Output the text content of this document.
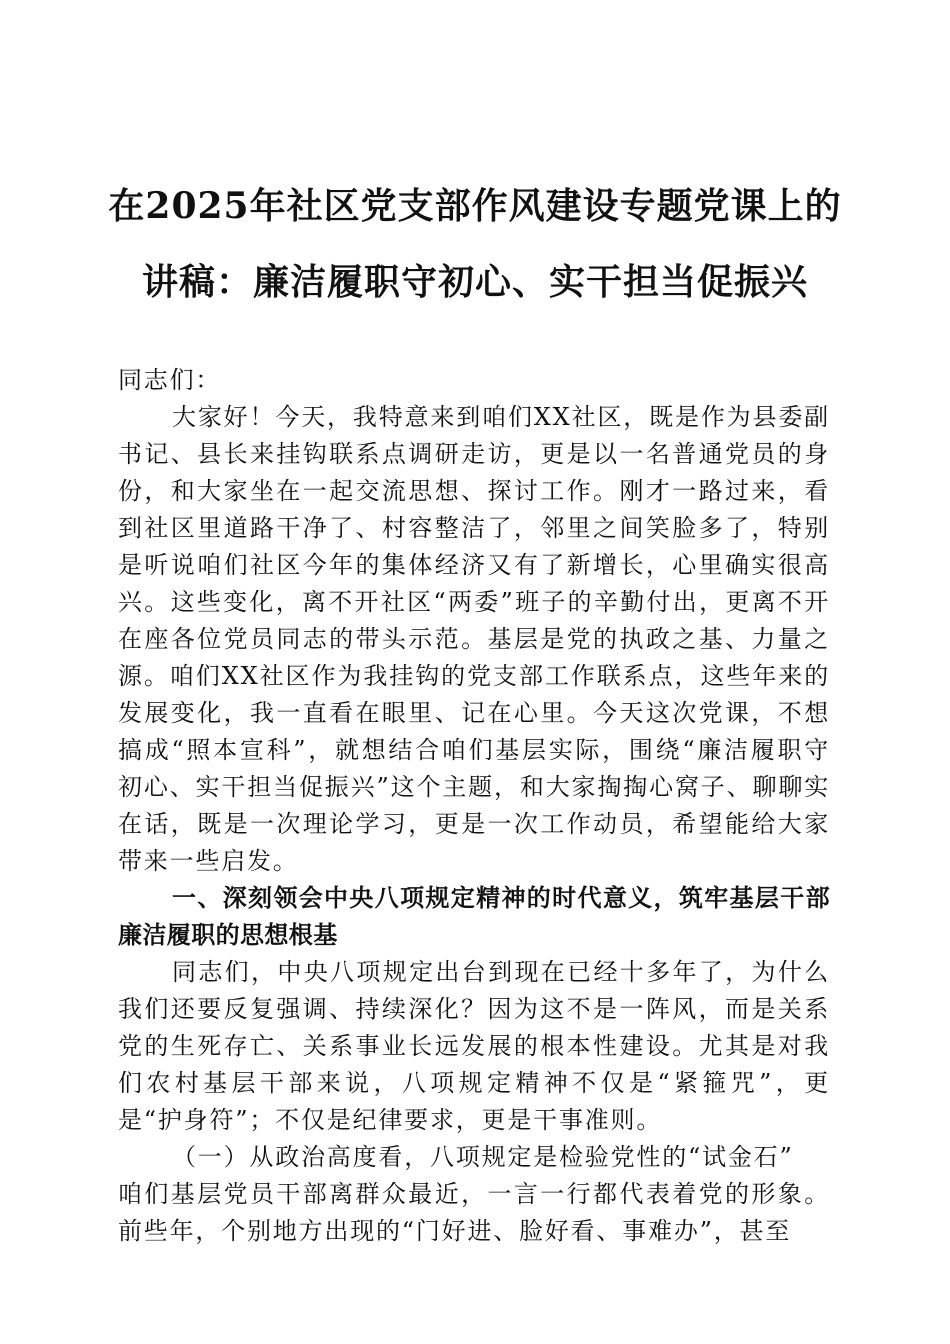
在2025年社区党支部作风建设专题党课上的
讲稿：廉洁履职守初心、实干担当促振兴

同志们：

大家好！今天，我特意来到咱们XX社区，既是作为县委副书记、县长来挂钩联系点调研走访，更是以一名普通党员的身份，和大家坐在一起交流思想、探讨工作。刚才一路过来，看到社区里道路干净了、村容整洁了，邻里之间笑脸多了，特别是听说咱们社区今年的集体经济又有了新增长，心里确实很高兴。这些变化，离不开社区“两委”班子的辛勤付出，更离不开在座各位党员同志的带头示范。基层是党的执政之基、力量之源。咱们XX社区作为我挂钩的党支部工作联系点，这些年来的发展变化，我一直看在眼里、记在心里。今天这次党课，不想搞成“照本宣科”，就想结合咱们基层实际，围绕“廉洁履职守初心、实干担当促振兴”这个主题，和大家掏掏心窝子、聊聊实在话，既是一次理论学习，更是一次工作动员，希望能给大家带来一些启发。

一、深刻领会中央八项规定精神的时代意义，筑牢基层干部廉洁履职的思想根基

同志们，中央八项规定出台到现在已经十多年了，为什么我们还要反复强调、持续深化？因为这不是一阵风，而是关系党的生死存亡、关系事业长远发展的根本性建设。尤其是对我们农村基层干部来说，八项规定精神不仅是“紧箍咒”，更是“护身符”；不仅是纪律要求，更是干事准则。

（一）从政治高度看，八项规定是检验党性的“试金石”

咱们基层党员干部离群众最近，一言一行都代表着党的形象。前些年，个别地方出现的“门好进、脸好看、事难办”，甚至
